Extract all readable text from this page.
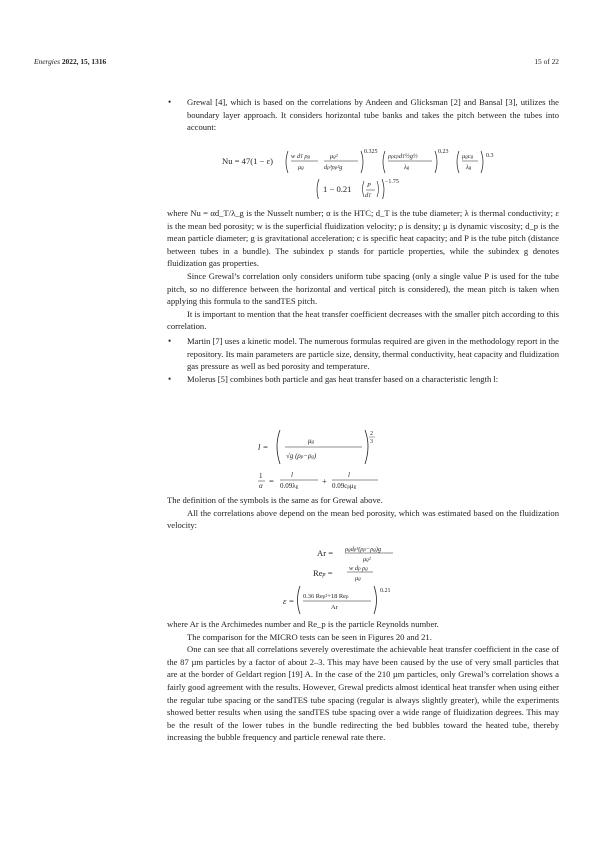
Energies 2022, 15, 1316	15 of 22

• Grewal [4], which is based on the correlations by Andeen and Glicksman [2] and Bansal [3], utilizes the boundary layer approach. It considers horizontal tube banks and takes the pitch between the tubes into account:

Nu = 47(1 − ε)	w dT ρg
μg
μg²
dp³ρp²g
0.325
ρpcpdT½g½
λg
0.23
μgcg
λg
0.3
1 − 0.21 P
dT
−1.75

where Nu = αd_T/λ_g is the Nusselt number; α is the HTC; d_T is the tube diameter; λ is thermal conductivity; ε is the mean bed porosity; w is the superficial fluidization velocity; ρ is density; μ is dynamic viscosity; d_p is the mean particle diameter; g is gravitational acceleration; c is specific heat capacity; and P is the tube pitch (distance between tubes in a bundle). The subindex p stands for particle properties, while the subindex g denotes fluidization gas properties.

Since Grewal’s correlation only considers uniform tube spacing (only a single value P is used for the tube pitch, so no difference between the horizontal and vertical pitch is considered), the mean pitch is taken when applying this formula to the sandTES pitch.

It is important to mention that the heat transfer coefficient decreases with the smaller pitch according to this correlation.

• Martin [7] uses a kinetic model. The numerous formulas required are given in the methodology report in the repository. Its main parameters are particle size, density, thermal conductivity, heat capacity and fluidization gas pressure as well as bed porosity and temperature.

• Molerus [5] combines both particle and gas heat transfer based on a characteristic length l:

l =
μg
√g (ρp−ρg)
2
3
1
α =
l
0.09λg
+
l
0.09cpμg

The definition of the symbols is the same as for Grewal above.

All the correlations above depend on the mean bed porosity, which was estimated based on the fluidization velocity:

Ar = ρgdp³(ρp−ρg)g
μg²
Rep =	w dp ρg
μg
ε = 0.36 Rep²+18 Rep
Ar
0.21

where Ar is the Archimedes number and Re_p is the particle Reynolds number.

The comparison for the MICRO tests can be seen in Figures 20 and 21.

One can see that all correlations severely overestimate the achievable heat transfer coefficient in the case of the 87 µm particles by a factor of about 2–3. This may have been caused by the use of very small particles that are at the border of Geldart region [19] A. In the case of the 210 µm particles, only Grewal’s correlation shows a fairly good agreement with the results. However, Grewal predicts almost identical heat transfer when using either the regular tube spacing or the sandTES tube spacing (regular is always slightly greater), while the experiments showed better results when using the sandTES tube spacing over a wide range of fluidization degrees. This may be the result of the lower tubes in the bundle redirecting the bed bubbles toward the heated tube, thereby increasing the bubble frequency and particle renewal rate there.
